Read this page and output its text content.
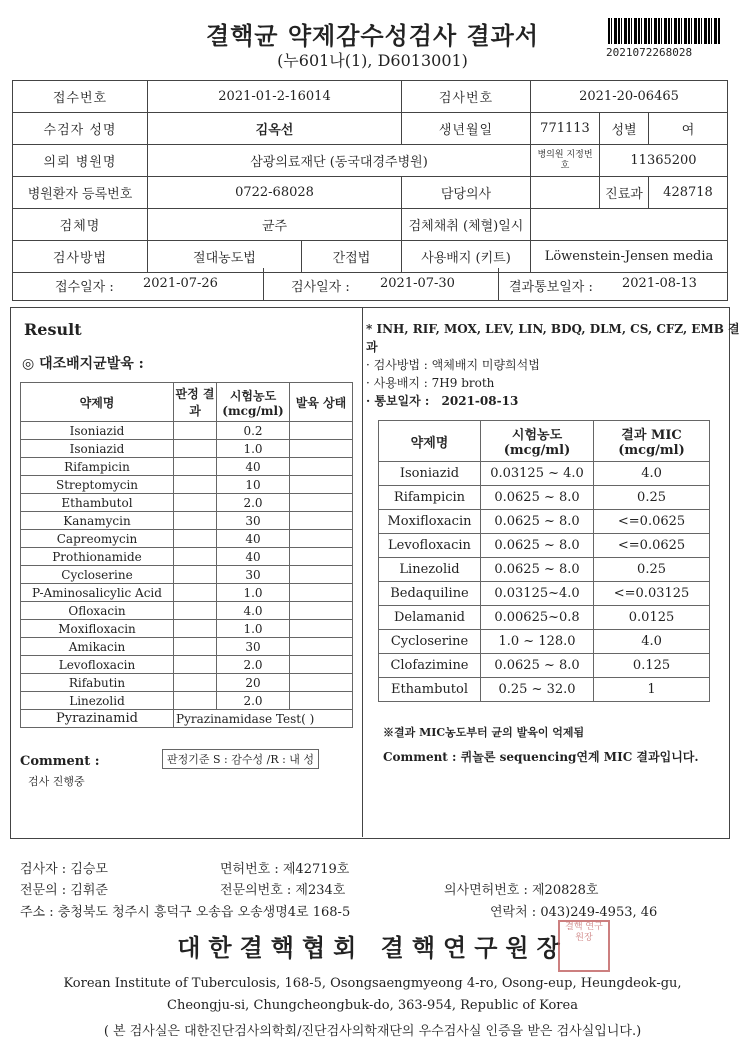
결핵균 약제감수성검사 결과서
(누601나(1), D6013001)	2021072268028
접수번호	2021-01-2-16014		검사번호	2021-20-06465		
수검자 성명	김옥선		생년월일	771113	성별	여
의뢰 병원명	삼광의료재단 (동국대경주병원)			병의원 지정번호	11365200	
병원환자 등록번호	0722-68028		담당의사		진료과	428718
검체명	균주		검체채취 (체혈)일시			
검사방법	절대농도법	간접법	사용배지 (키트)	Löwenstein-Jensen media		
접수일자 : 2021-07-26	검사일자 : 2021-07-30	결과통보일자 : 2021-08-13
Result
◎ 대조배지균발육 :
약제명	판정 결과	시험농도 (mcg/ml)	발육 상태
Isoniazid		0.2	
Isoniazid		1.0	
Rifampicin		40	
Streptomycin		10	
Ethambutol		2.0	
Kanamycin		30	
Capreomycin		40	
Prothionamide		40	
Cycloserine		30	
P-Aminosalicylic Acid		1.0	
Ofloxacin		4.0	
Moxifloxacin		1.0	
Amikacin		30	
Levofloxacin		2.0	
Rifabutin		20	
Linezolid		2.0	
Pyrazinamid	Pyrazinamidase Test( )		
Comment :	판정기준 S : 감수성 /R : 내 성
검사 진행중
* INH, RIF, MOX, LEV, LIN, BDQ, DLM, CS, CFZ, EMB 결과
· 검사방법 : 액체배지 미량희석법
· 사용배지 : 7H9 broth
· 통보일자 : 2021-08-13
약제명	시험농도 (mcg/ml)	결과 MIC (mcg/ml)
Isoniazid	0.03125 ~ 4.0	4.0
Rifampicin	0.0625 ~ 8.0	0.25
Moxifloxacin	0.0625 ~ 8.0	<=0.0625
Levofloxacin	0.0625 ~ 8.0	<=0.0625
Linezolid	0.0625 ~ 8.0	0.25
Bedaquiline	0.03125~4.0	<=0.03125
Delamanid	0.00625~0.8	0.0125
Cycloserine	1.0 ~ 128.0	4.0
Clofazimine	0.0625 ~ 8.0	0.125
Ethambutol	0.25 ~ 32.0	1
※결과 MIC농도부터 균의 발육이 억제됨
Comment : 퀴놀론 sequencing연계 MIC 결과입니다.
검사자 : 김승모	면허번호 : 제42719호
전문의 : 김휘준	전문의번호 : 제234호	의사면허번호 : 제20828호
주소 : 충청북도 청주시 흥덕구 오송읍 오송생명4로 168-5	연락처 : 043)249-4953, 46
대한결핵협회 결핵연구원장
결핵 연구 원장
Korean Institute of Tuberculosis, 168-5, Osongsaengmyeong 4-ro, Osong-eup, Heungdeok-gu,
Cheongju-si, Chungcheongbuk-do, 363-954, Republic of Korea
( 본 검사실은 대한진단검사의학회/진단검사의학재단의 우수검사실 인증을 받은 검사실입니다.)
